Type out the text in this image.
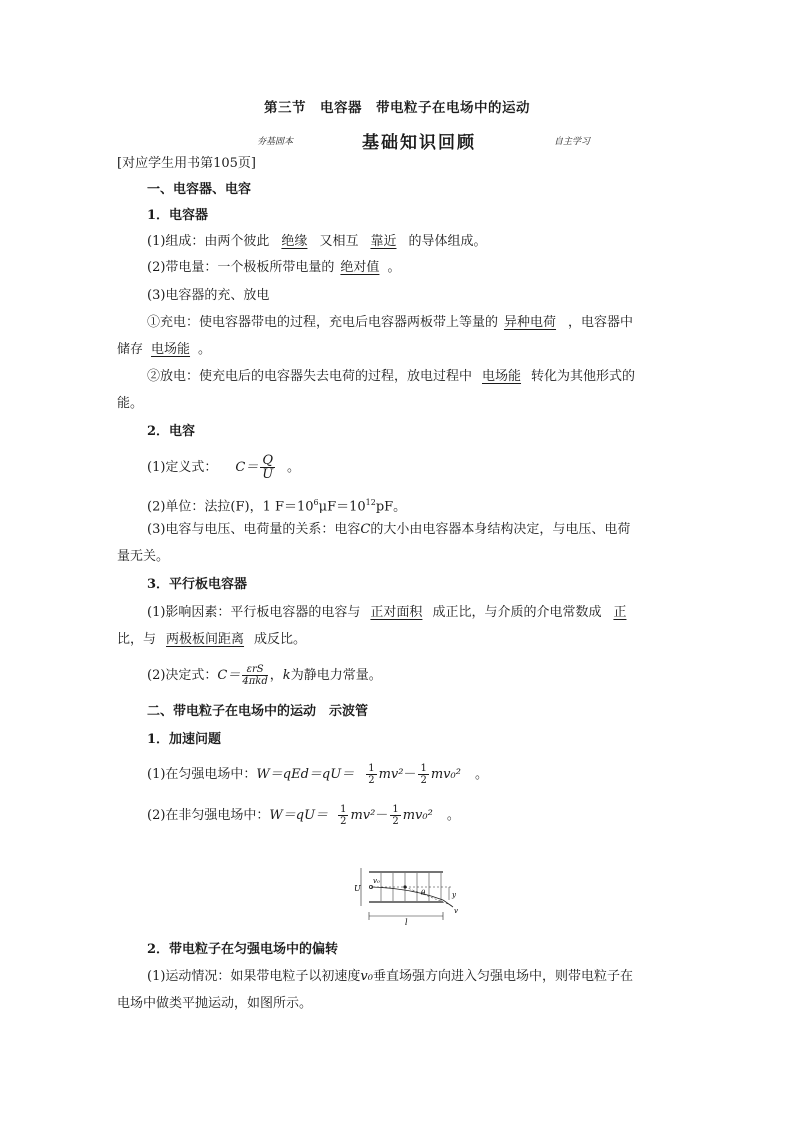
第三节　电容器　带电粒子在电场中的运动
夯基固本	基础知识回顾	自主学习
[对应学生用书第105页]
一、电容器、电容
1．电容器
(1)组成：由两个彼此 绝缘 又相互 靠近 的导体组成。
(2)带电量：一个极板所带电量的 绝对值 。
(3)电容器的充、放电
①充电：使电容器带电的过程，充电后电容器两板带上等量的 异种电荷 ，电容器中
储存 电场能 。
②放电：使充电后的电容器失去电荷的过程，放电过程中 电场能 转化为其他形式的
能。
2．电容
(1)定义式： $C= \frac{Q}{U}$ 。
(2)单位：法拉(F)，1 $F=10^6\mu F=10^{12}pF$。
(3)电容与电压、电荷量的关系：电容C的大小由电容器本身结构决定，与电压、电荷
量无关。
3．平行板电容器
(1)影响因素：平行板电容器的电容与 正对面积 成正比，与介质的介电常数成 正
比，与 两极板间距离 成反比。
(2)决定式：$C= \frac{\text{εrS}}{\text{4πkd}}$ ，k为静电力常量。
二、带电粒子在电场中的运动　示波管
1．加速问题
(1)在匀强电场中：$W=qEd=qU= \frac{1}{2} mv^2- \frac{1}{2} mv_0^2$ 。
(2)在非匀强电场中：$W=qU= \frac{1}{2} mv^2- \frac{1}{2} mv_0^2$ 。
U
v₀
θ	y
l
v
2．带电粒子在匀强电场中的偏转
(1)运动情况：如果带电粒子以初速度v₀垂直场强方向进入匀强电场中，则带电粒子在
电场中做类平抛运动，如图所示。
